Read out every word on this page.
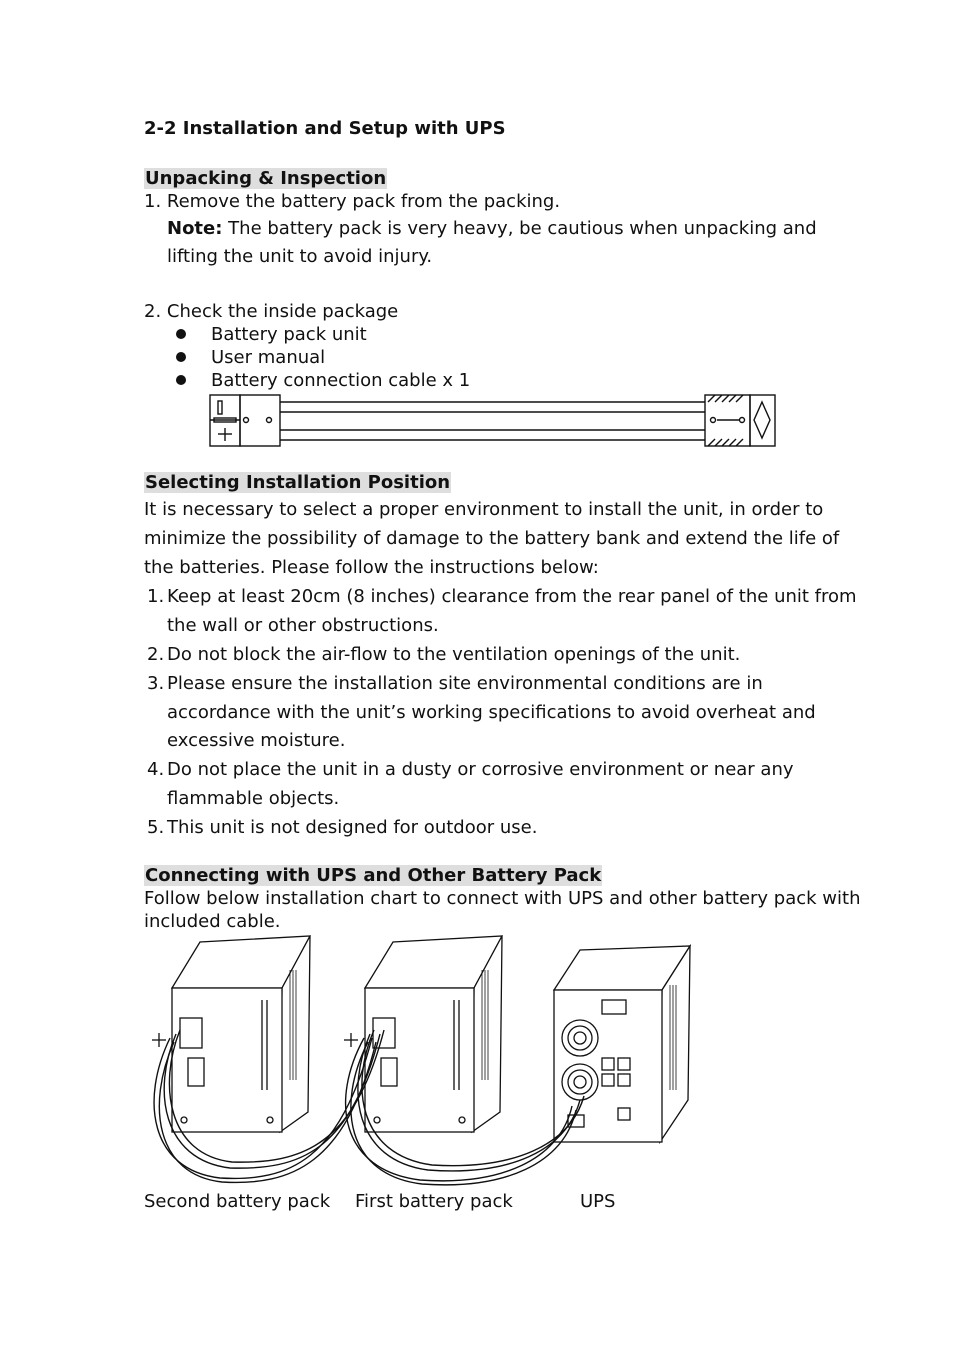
2-2 Installation and Setup with UPS
Unpacking & Inspection
1. Remove the battery pack from the packing.
Note: The battery pack is very heavy, be cautious when unpacking and
lifting the unit to avoid injury.
2. Check the inside package
Battery pack unit
User manual
Battery connection cable x 1
Selecting Installation Position
It is necessary to select a proper environment to install the unit, in order to
minimize the possibility of damage to the battery bank and extend the life of
the batteries. Please follow the instructions below:
1. Keep at least 20cm (8 inches) clearance from the rear panel of the unit from
the wall or other obstructions.
2. Do not block the air-flow to the ventilation openings of the unit.
3. Please ensure the installation site environmental conditions are in
accordance with the unit’s working specifications to avoid overheat and
excessive moisture.
4. Do not place the unit in a dusty or corrosive environment or near any
flammable objects.
5. This unit is not designed for outdoor use.
Connecting with UPS and Other Battery Pack
Follow below installation chart to connect with UPS and other battery pack with
included cable.
Second battery pack First battery pack	UPS
